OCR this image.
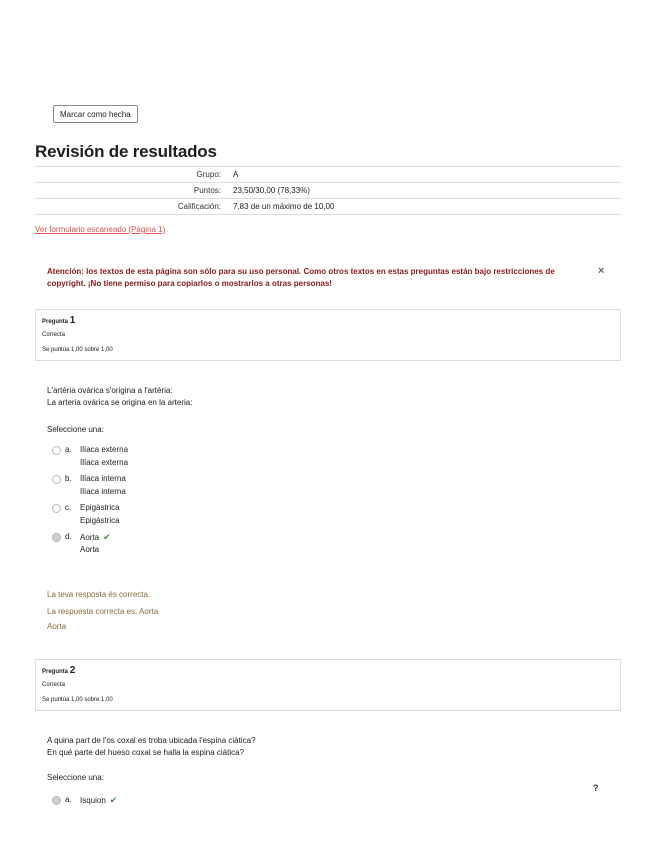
Marcar como hecha
Revisión de resultados
Grupo:	A
Puntos:	23,50/30,00 (78,33%)
Calificación:	7,83 de un máximo de 10,00
Ver formulario escaneado (Página 1)
Atención: los textos de esta página son sólo para su uso personal. Como otros textos en estas preguntas están bajo restricciones de copyright. ¡No tiene permiso para copiarlos o mostrarlos a otras personas!
×
Pregunta 1
Correcta
Se puntúa 1,00 sobre 1,00
L'artèria ovàrica s'origina a l'artèria:
La arteria ovárica se origina en la arteria:
Seleccione una:
a. Ilíaca externa
Ilíaca externa
b. Ilíaca interna
Ilíaca interna
c. Epigàstrica
Epigástrica
d. Aorta ✔
Aorta
La teva resposta és correcta.
La respuesta correcta es: Aorta
Aorta
Pregunta 2
Correcta
Se puntúa 1,00 sobre 1,00
A quina part de l'os coxal es troba ubicada l'espina ciàtica?
En qué parte del hueso coxal se halla la espina ciática?
Seleccione una:
a. Isquion ✔
?
